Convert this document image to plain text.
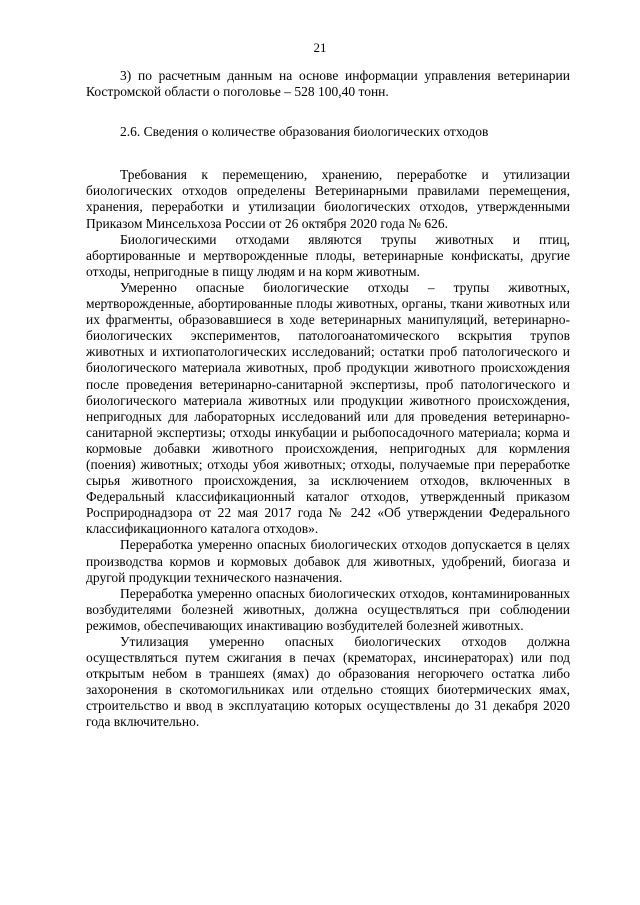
21

3) по расчетным данным на основе информации управления ветеринарии Костромской области о поголовье – 528 100,40 тонн.

2.6. Сведения о количестве образования биологических отходов

Требования к перемещению, хранению, переработке и утилизации биологических отходов определены Ветеринарными правилами перемещения, хранения, переработки и утилизации биологических отходов, утвержденными Приказом Минсельхоза России от 26 октября 2020 года № 626.

Биологическими отходами являются трупы животных и птиц, абортированные и мертворожденные плоды, ветеринарные конфискаты, другие отходы, непригодные в пищу людям и на корм животным.

Умеренно опасные биологические отходы – трупы животных, мертворожденные, абортированные плоды животных, органы, ткани животных или их фрагменты, образовавшиеся в ходе ветеринарных манипуляций, ветеринарно-биологических экспериментов, патологоанатомического вскрытия трупов животных и ихтиопатологических исследований; остатки проб патологического и биологического материала животных, проб продукции животного происхождения после проведения ветеринарно-санитарной экспертизы, проб патологического и биологического материала животных или продукции животного происхождения, непригодных для лабораторных исследований или для проведения ветеринарно-санитарной экспертизы; отходы инкубации и рыбопосадочного материала; корма и кормовые добавки животного происхождения, непригодных для кормления (поения) животных; отходы убоя животных; отходы, получаемые при переработке сырья животного происхождения, за исключением отходов, включенных в Федеральный классификационный каталог отходов, утвержденный приказом Росприроднадзора от 22 мая 2017 года № 242 «Об утверждении Федерального классификационного каталога отходов».

Переработка умеренно опасных биологических отходов допускается в целях производства кормов и кормовых добавок для животных, удобрений, биогаза и другой продукции технического назначения.

Переработка умеренно опасных биологических отходов, контаминированных возбудителями болезней животных, должна осуществляться при соблюдении режимов, обеспечивающих инактивацию возбудителей болезней животных.

Утилизация умеренно опасных биологических отходов должна осуществляться путем сжигания в печах (крематорах, инсинераторах) или под открытым небом в траншеях (ямах) до образования негорючего остатка либо захоронения в скотомогильниках или отдельно стоящих биотермических ямах, строительство и ввод в эксплуатацию которых осуществлены до 31 декабря 2020 года включительно.
